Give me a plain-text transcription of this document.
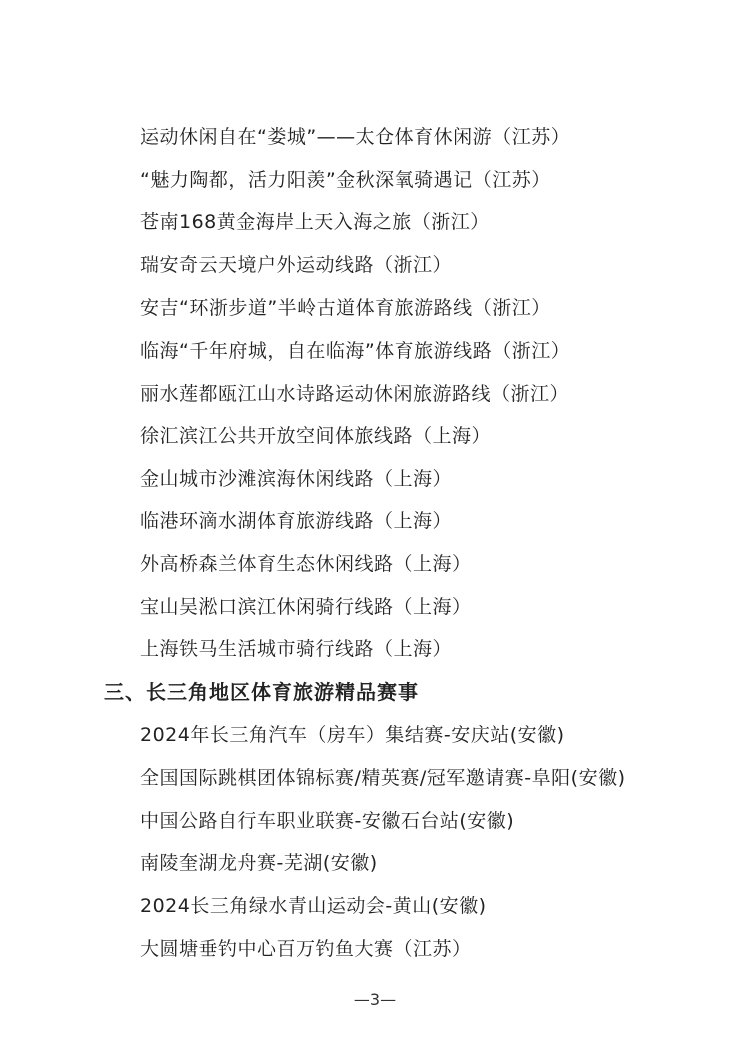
运动休闲自在“娄城”——太仓体育休闲游（江苏）
“魅力陶都，活力阳羡”金秋深氧骑遇记（江苏）
苍南168黄金海岸上天入海之旅（浙江）
瑞安奇云天境户外运动线路（浙江）
安吉“环浙步道”半岭古道体育旅游路线（浙江）
临海“千年府城，自在临海”体育旅游线路（浙江）
丽水莲都瓯江山水诗路运动休闲旅游路线（浙江）
徐汇滨江公共开放空间体旅线路（上海）
金山城市沙滩滨海休闲线路（上海）
临港环滴水湖体育旅游线路（上海）
外高桥森兰体育生态休闲线路（上海）
宝山吴淞口滨江休闲骑行线路（上海）
上海铁马生活城市骑行线路（上海）
三、长三角地区体育旅游精品赛事
2024年长三角汽车（房车）集结赛-安庆站(安徽)
全国国际跳棋团体锦标赛/精英赛/冠军邀请赛-阜阳(安徽)
中国公路自行车职业联赛-安徽石台站(安徽)
南陵奎湖龙舟赛-芜湖(安徽)
2024长三角绿水青山运动会-黄山(安徽)
大圆塘垂钓中心百万钓鱼大赛（江苏）
—3—
